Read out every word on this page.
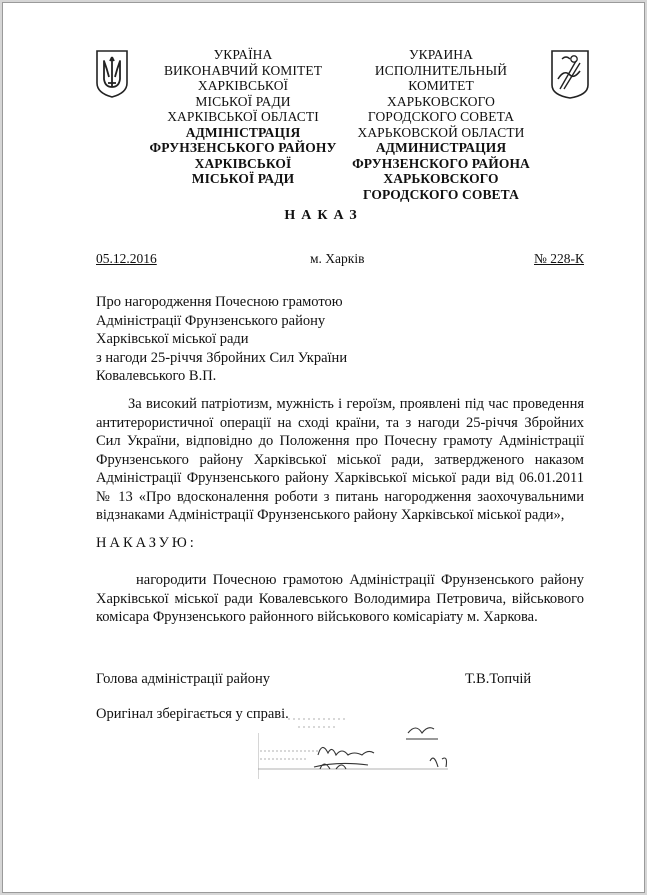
УКРАЇНА
ВИКОНАВЧИЙ КОМІТЕТ
ХАРКІВСЬКОЇ
МІСЬКОЇ РАДИ
ХАРКІВСЬКОЇ ОБЛАСТІ
АДМІНІСТРАЦІЯ
ФРУНЗЕНСЬКОГО РАЙОНУ
ХАРКІВСЬКОЇ
МІСЬКОЇ РАДИ
УКРАИНА
ИСПОЛНИТЕЛЬНЫЙ КОМИТЕТ
ХАРЬКОВСКОГО
ГОРОДСКОГО СОВЕТА
ХАРЬКОВСКОЙ ОБЛАСТИ
АДМИНИСТРАЦИЯ
ФРУНЗЕНСКОГО РАЙОНА
ХАРЬКОВСКОГО
ГОРОДСКОГО СОВЕТА
НАКАЗ
05.12.2016	м. Харків	№ 228-К
Про нагородження Почесною грамотою
Адміністрації Фрунзенського району
Харківської міської ради
з нагоди 25-річчя Збройних Сил України
Ковалевського В.П.
За високий патріотизм, мужність і героїзм, проявлені під час проведення
антитерористичної операції на сході країни, та з нагоди 25-річчя Збройних
Сил України, відповідно до Положення про Почесну грамоту Адміністрації
Фрунзенського району Харківської міської ради, затвердженого наказом
Адміністрації Фрунзенського району Харківської міської ради від 06.01.2011
№ 13 «Про вдосконалення роботи з питань нагородження заохочувальними
відзнаками Адміністрації Фрунзенського району Харківської міської ради»,
НАКАЗУЮ:
нагородити Почесною грамотою Адміністрації Фрунзенського району
Харківської міської ради Ковалевського Володимира Петровича, військового
комісара Фрунзенського районного військового комісаріату м. Харкова.
Голова адміністрації району	Т.В.Топчій
Оригінал зберігається у справі.
